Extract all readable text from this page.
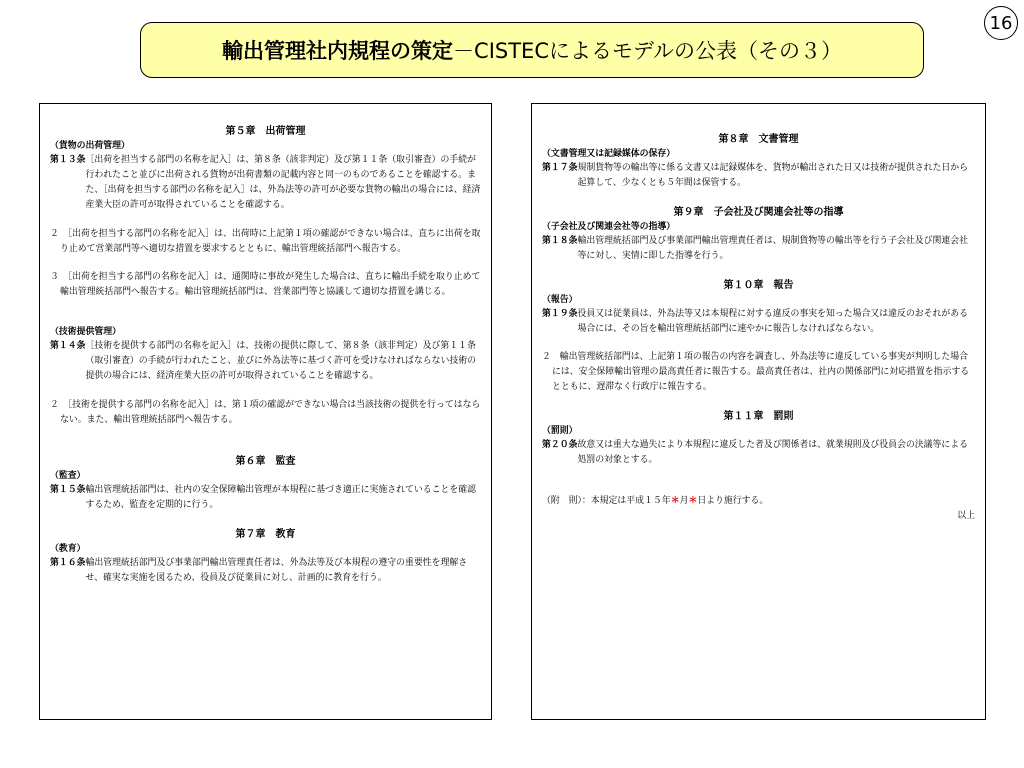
16
輸出管理社内規程の策定 －CISTECによるモデルの公表（その３）
第５章　出荷管理
（貨物の出荷管理）
第１３条 ［出荷を担当する部門の名称を記入］は、第８条（該非判定）及び第１１条（取引審査）の手続が行われたこと並びに出荷される貨物が出荷書類の記載内容と同一のものであることを確認する。また、［出荷を担当する部門の名称を記入］は、外為法等の許可が必要な貨物の輸出の場合には、経済産業大臣の許可が取得されていることを確認する。
２　［出荷を担当する部門の名称を記入］は、出荷時に上記第１項の確認ができない場合は、直ちに出荷を取り止めて営業部門等へ適切な措置を要求するとともに、輸出管理統括部門へ報告する。
３　［出荷を担当する部門の名称を記入］は、通関時に事故が発生した場合は、直ちに輸出手続を取り止めて輸出管理統括部門へ報告する。輸出管理統括部門は、営業部門等と協議して適切な措置を講じる。
（技術提供管理）
第１４条 ［技術を提供する部門の名称を記入］は、技術の提供に際して、第８条（該非判定）及び第１１条（取引審査）の手続が行われたこと、並びに外為法等に基づく許可を受けなければならない技術の提供の場合には、経済産業大臣の許可が取得されていることを確認する。
２　［技術を提供する部門の名称を記入］は、第１項の確認ができない場合は当該技術の提供を行ってはならない。また、輸出管理統括部門へ報告する。
第６章　監査
（監査）
第１５条 輸出管理統括部門は、社内の安全保障輸出管理が本規程に基づき適正に実施されていることを確認するため、監査を定期的に行う。
第７章　教育
（教育）
第１６条 輸出管理統括部門及び事業部門輸出管理責任者は、外為法等及び本規程の遵守の重要性を理解させ、確実な実施を図るため、役員及び従業員に対し、計画的に教育を行う。
第８章　文書管理
（文書管理又は記録媒体の保存）
第１７条 規制貨物等の輸出等に係る文書又は記録媒体を、貨物が輸出された日又は技術が提供された日から起算して、少なくとも５年間は保管する。
第９章　子会社及び関連会社等の指導
（子会社及び関連会社等の指導）
第１８条 輸出管理統括部門及び事業部門輸出管理責任者は、規制貨物等の輸出等を行う子会社及び関連会社等に対し、実情に即した指導を行う。
第１０章　報告
（報告）
第１９条 役員又は従業員は、外為法等又は本規程に対する違反の事実を知った場合又は違反のおそれがある場合には、その旨を輸出管理統括部門に速やかに報告しなければならない。
２　輸出管理統括部門は、上記第１項の報告の内容を調査し、外為法等に違反している事実が判明した場合には、安全保障輸出管理の最高責任者に報告する。最高責任者は、社内の関係部門に対応措置を指示するとともに、遅滞なく行政庁に報告する。
第１１章　罰則
（罰則）
第２０条 故意又は重大な過失により本規程に違反した者及び関係者は、就業規則及び役員会の決議等による処罰の対象とする。
（附　則）：本規定は平成１５年＊月＊日より施行する。
以上
